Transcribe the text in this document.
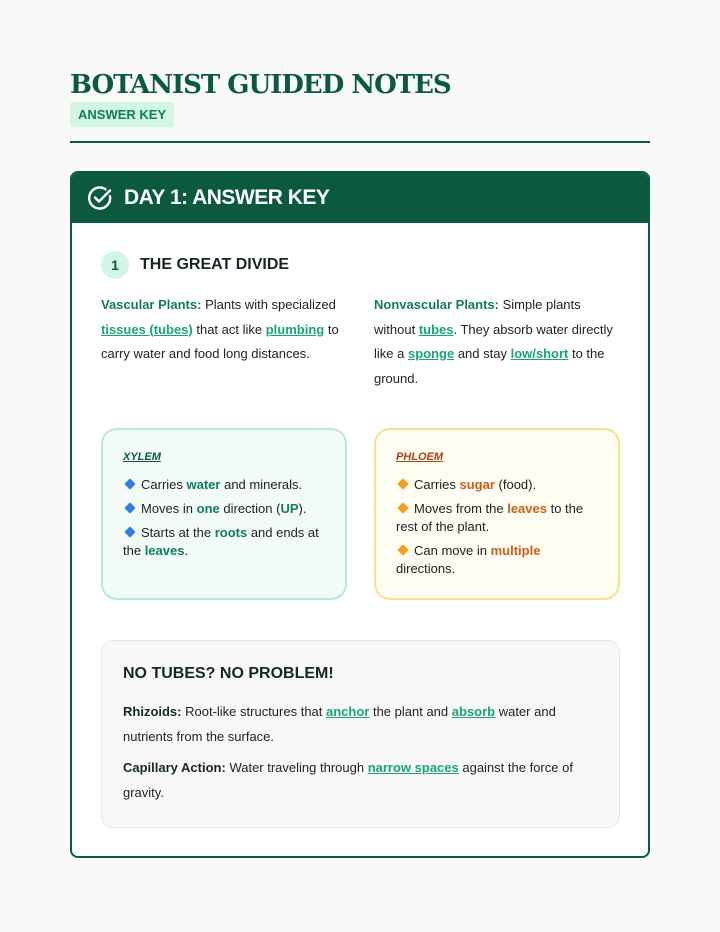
BOTANIST GUIDED NOTES
ANSWER KEY
DAY 1: ANSWER KEY
1	THE GREAT DIVIDE

Vascular Plants: Plants with specialized tissues (tubes) that act like plumbing to carry water and food long distances.

Nonvascular Plants: Simple plants without tubes. They absorb water directly like a sponge and stay low/short to the ground.

XYLEM
Carries water and minerals.
Moves in one direction (UP).
Starts at the roots and ends at the leaves.
PHLOEM
Carries sugar (food).
Moves from the leaves to the rest of the plant.
Can move in multiple directions.
NO TUBES? NO PROBLEM!

Rhizoids: Root-like structures that anchor the plant and absorb water and nutrients from the surface.

Capillary Action: Water traveling through narrow spaces against the force of gravity.
